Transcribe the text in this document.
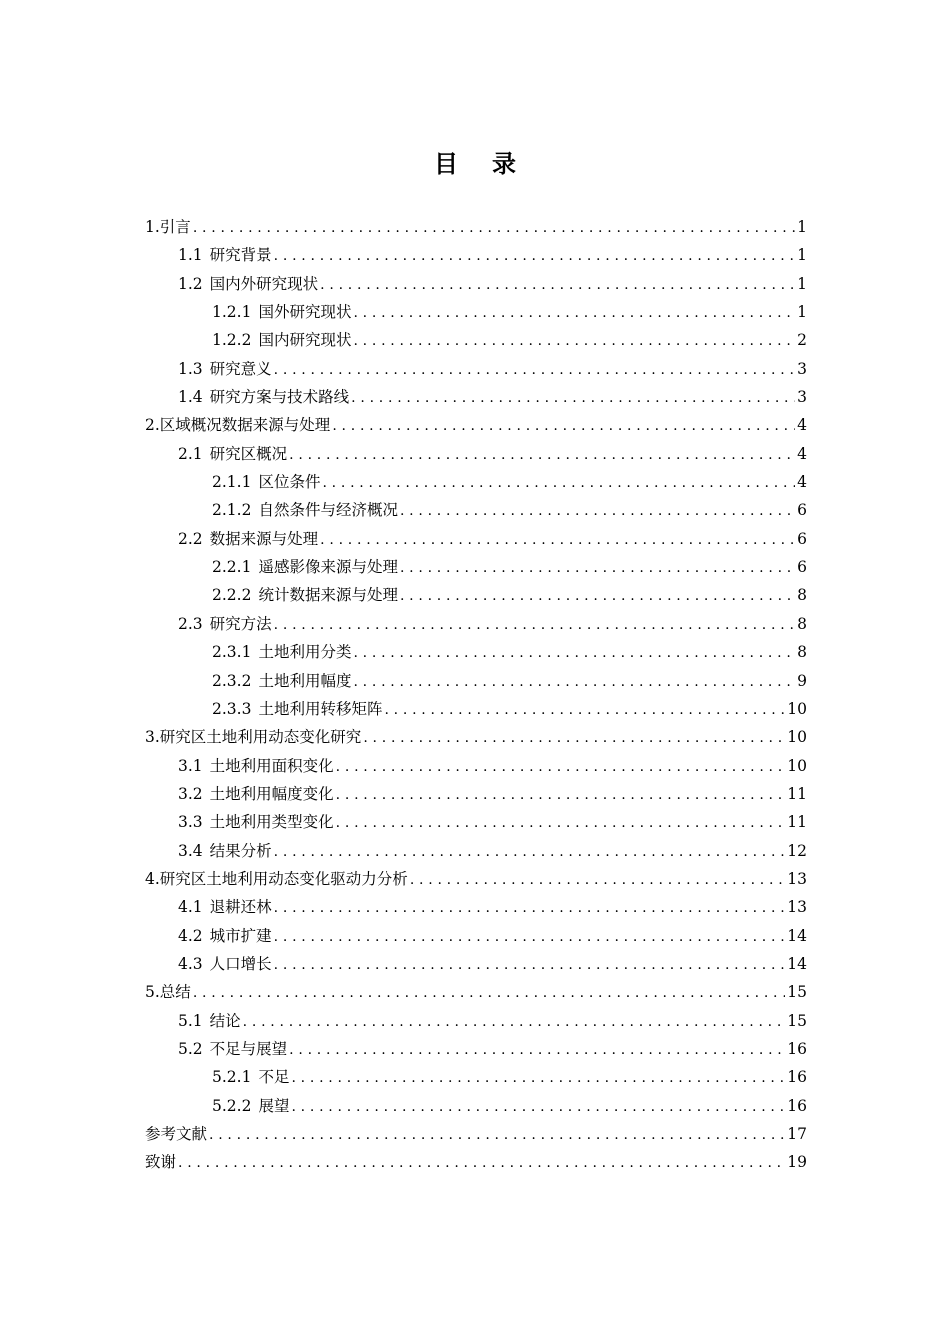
目 录
1. 引言 .....	1
1.1 研究背景 .....	1
1.2 国内外研究现状 .....	1
1.2.1 国外研究现状 .....	1
1.2.2 国内研究现状 .....	2
1.3 研究意义 .....	3
1.4 研究方案与技术路线 .....	3
2. 区域概况数据来源与处理 .....	4
2.1 研究区概况 .....	4
2.1.1 区位条件 .....	4
2.1.2 自然条件与经济概况 .....	6
2.2 数据来源与处理 .....	6
2.2.1 遥感影像来源与处理 .....	6
2.2.2 统计数据来源与处理 .....	8
2.3 研究方法 .....	8
2.3.1 土地利用分类 .....	8
2.3.2 土地利用幅度 .....	9
2.3.3 土地利用转移矩阵 .....	10
3. 研究区土地利用动态变化研究 .....	10
3.1 土地利用面积变化 .....	10
3.2 土地利用幅度变化 .....	11
3.3 土地利用类型变化 .....	11
3.4 结果分析 .....	12
4. 研究区土地利用动态变化驱动力分析 .....	13
4.1 退耕还林 .....	13
4.2 城市扩建 .....	14
4.3 人口增长 .....	14
5. 总结 .....	15
5.1 结论 .....	15
5.2 不足与展望 .....	16
5.2.1 不足 .....	16
5.2.2 展望 .....	16
参考文献 .....	17
致谢 .....	19
